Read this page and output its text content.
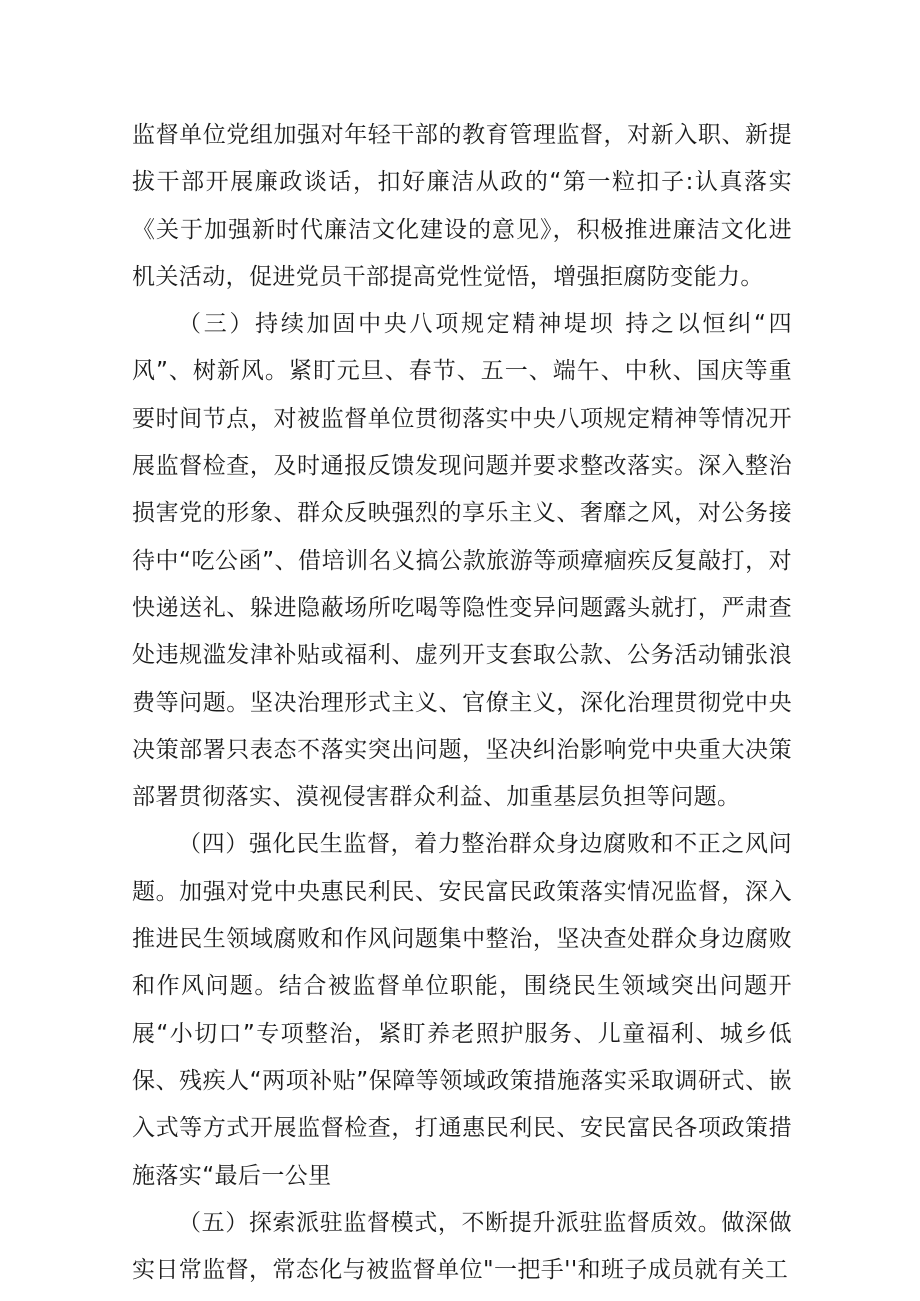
监督单位党组加强对年轻干部的教育管理监督，对新入职、新提拔干部开展廉政谈话，扣好廉洁从政的“第一粒扣子:认真落实《关于加强新时代廉洁文化建设的意见》，积极推进廉洁文化进机关活动，促进党员干部提高党性觉悟，增强拒腐防变能力。

（三）持续加固中央八项规定精神堤坝 持之以恒纠“四风”、树新风。紧盯元旦、春节、五一、端午、中秋、国庆等重要时间节点，对被监督单位贯彻落实中央八项规定精神等情况开展监督检查，及时通报反馈发现问题并要求整改落实。深入整治损害党的形象、群众反映强烈的享乐主义、奢靡之风，对公务接待中“吃公函”、借培训名义搞公款旅游等顽瘴痼疾反复敲打，对快递送礼、躲进隐蔽场所吃喝等隐性变异问题露头就打，严肃查处违规滥发津补贴或福利、虚列开支套取公款、公务活动铺张浪费等问题。坚决治理形式主义、官僚主义，深化治理贯彻党中央决策部署只表态不落实突出问题，坚决纠治影响党中央重大决策部署贯彻落实、漠视侵害群众利益、加重基层负担等问题。

（四）强化民生监督，着力整治群众身边腐败和不正之风问题。加强对党中央惠民利民、安民富民政策落实情况监督，深入推进民生领域腐败和作风问题集中整治，坚决查处群众身边腐败和作风问题。结合被监督单位职能，围绕民生领域突出问题开展“小切口”专项整治，紧盯养老照护服务、儿童福利、城乡低保、残疾人“两项补贴”保障等领域政策措施落实采取调研式、嵌入式等方式开展监督检查，打通惠民利民、安民富民各项政策措施落实“最后一公里

（五）探索派驻监督模式，不断提升派驻监督质效。做深做实日常监督，常态化与被监督单位"一把手''和班子成员就有关工
